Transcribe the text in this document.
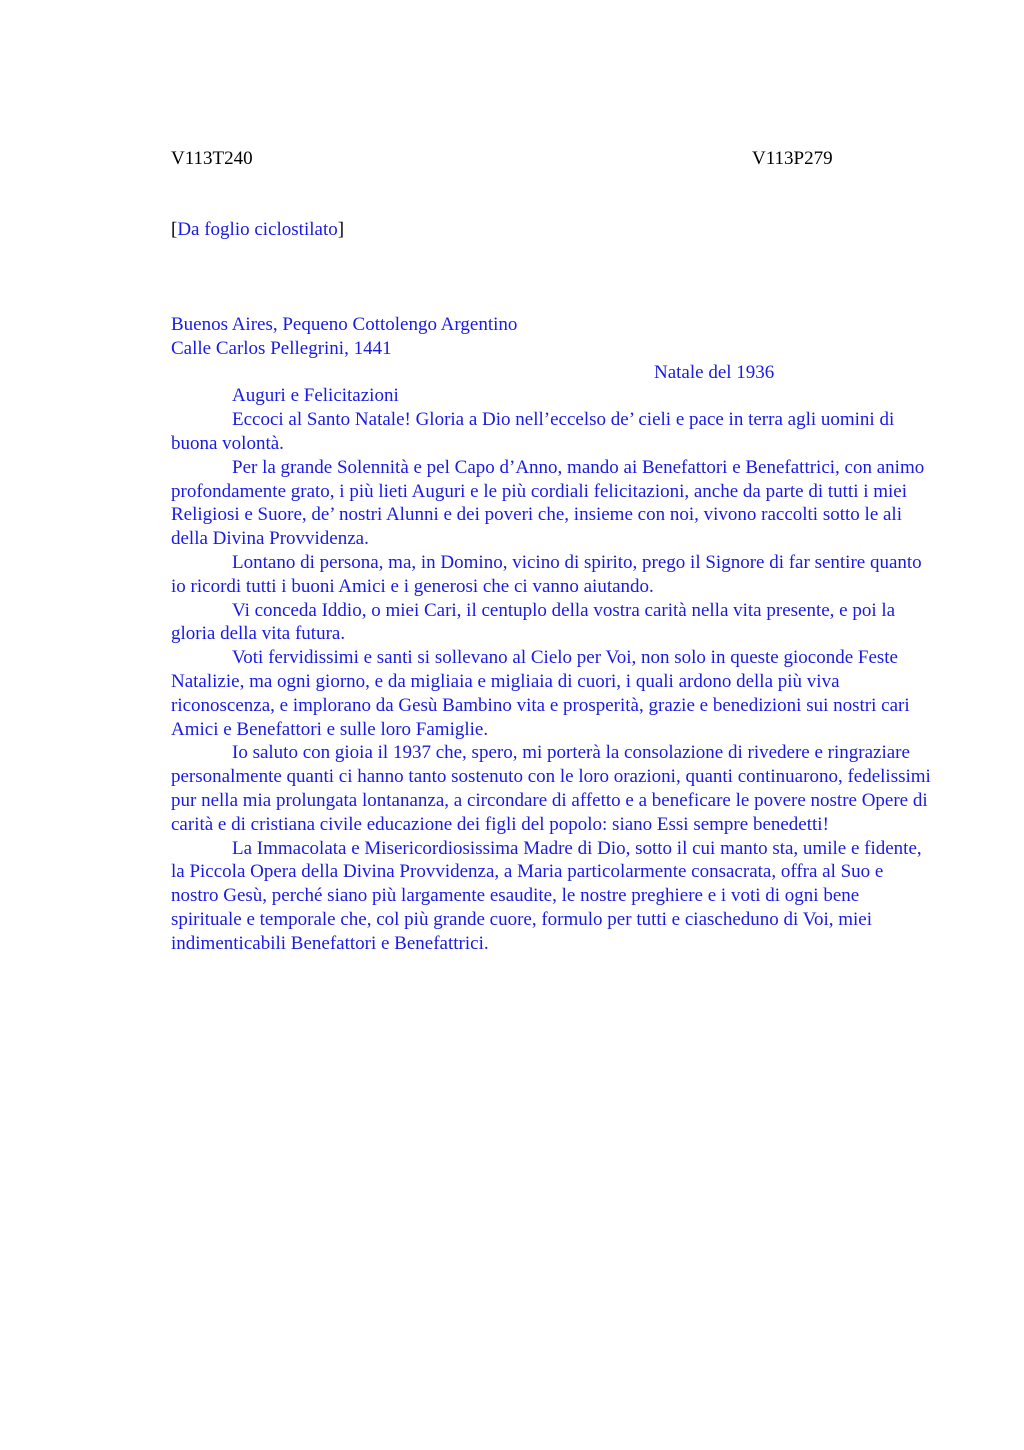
V113T240	V113P279
[Da foglio ciclostilato]

Buenos Aires, Pequeno Cottolengo Argentino

Calle Carlos Pellegrini, 1441

Natale del 1936

Auguri e Felicitazioni

Eccoci al Santo Natale! Gloria a Dio nell’eccelso de’ cieli e pace in terra agli uomini di buona volontà.

Per la grande Solennità e pel Capo d’Anno, mando ai Benefattori e Benefattrici, con animo profondamente grato, i più lieti Auguri e le più cordiali felicitazioni, anche da parte di tutti i miei Religiosi e Suore, de’ nostri Alunni e dei poveri che, insieme con noi, vivono raccolti sotto le ali della Divina Provvidenza.

Lontano di persona, ma, in Domino, vicino di spirito, prego il Signore di far sentire quanto io ricordi tutti i buoni Amici e i generosi che ci vanno aiutando.

Vi conceda Iddio, o miei Cari, il centuplo della vostra carità nella vita presente, e poi la gloria della vita futura.

Voti fervidissimi e santi si sollevano al Cielo per Voi, non solo in queste gioconde Feste Natalizie, ma ogni giorno, e da migliaia e migliaia di cuori, i quali ardono della più viva riconoscenza, e implorano da Gesù Bambino vita e prosperità, grazie e benedizioni sui nostri cari Amici e Benefattori e sulle loro Famiglie.

Io saluto con gioia il 1937 che, spero, mi porterà la consolazione di rivedere e ringraziare personalmente quanti ci hanno tanto sostenuto con le loro orazioni, quanti continuarono, fedelissimi pur nella mia prolungata lontananza, a circondare di affetto e a beneficare le povere nostre Opere di carità e di cristiana civile educazione dei figli del popolo: siano Essi sempre benedetti!

La Immacolata e Misericordiosissima Madre di Dio, sotto il cui manto sta, umile e fidente, la Piccola Opera della Divina Provvidenza, a Maria particolarmente consacrata, offra al Suo e nostro Gesù, perché siano più largamente esaudite, le nostre preghiere e i voti di ogni bene spirituale e temporale che, col più grande cuore, formulo per tutti e ciascheduno di Voi, miei indimenticabili Benefattori e Benefattrici.
